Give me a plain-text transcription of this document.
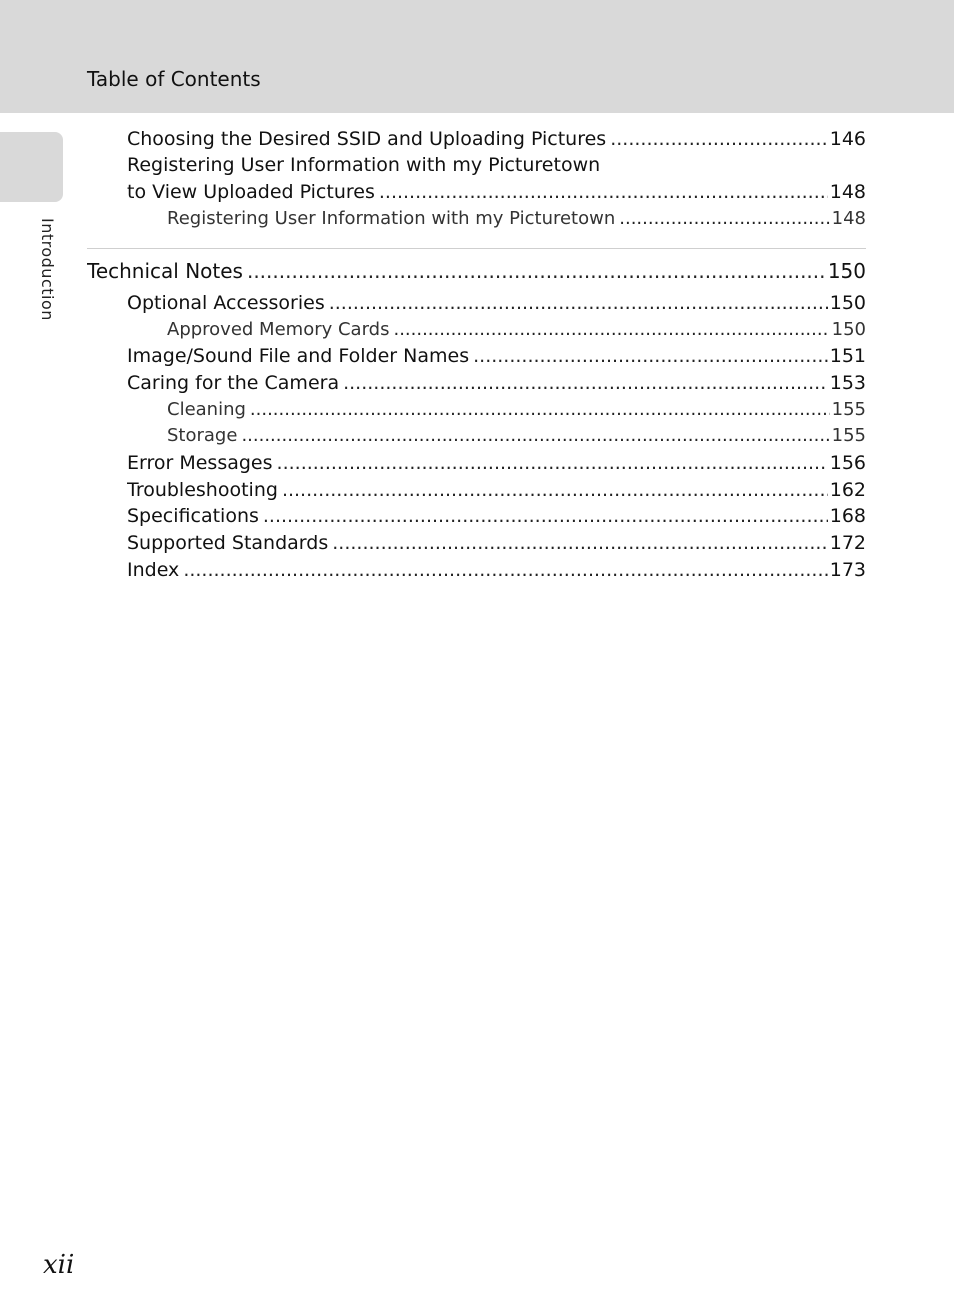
Table of Contents
Introduction
Choosing the Desired SSID and Uploading Pictures .....	146
Registering User Information with my Picturetown
to View Uploaded Pictures .....	148
Registering User Information with my Picturetown .....	148
Technical Notes .....	150
Optional Accessories .....	150
Approved Memory Cards .....	150
Image/Sound File and Folder Names .....	151
Caring for the Camera .....	153
Cleaning .....	155
Storage .....	155
Error Messages .....	156
Troubleshooting .....	162
Specifications .....	168
Supported Standards .....	172
Index .....	173
xii
